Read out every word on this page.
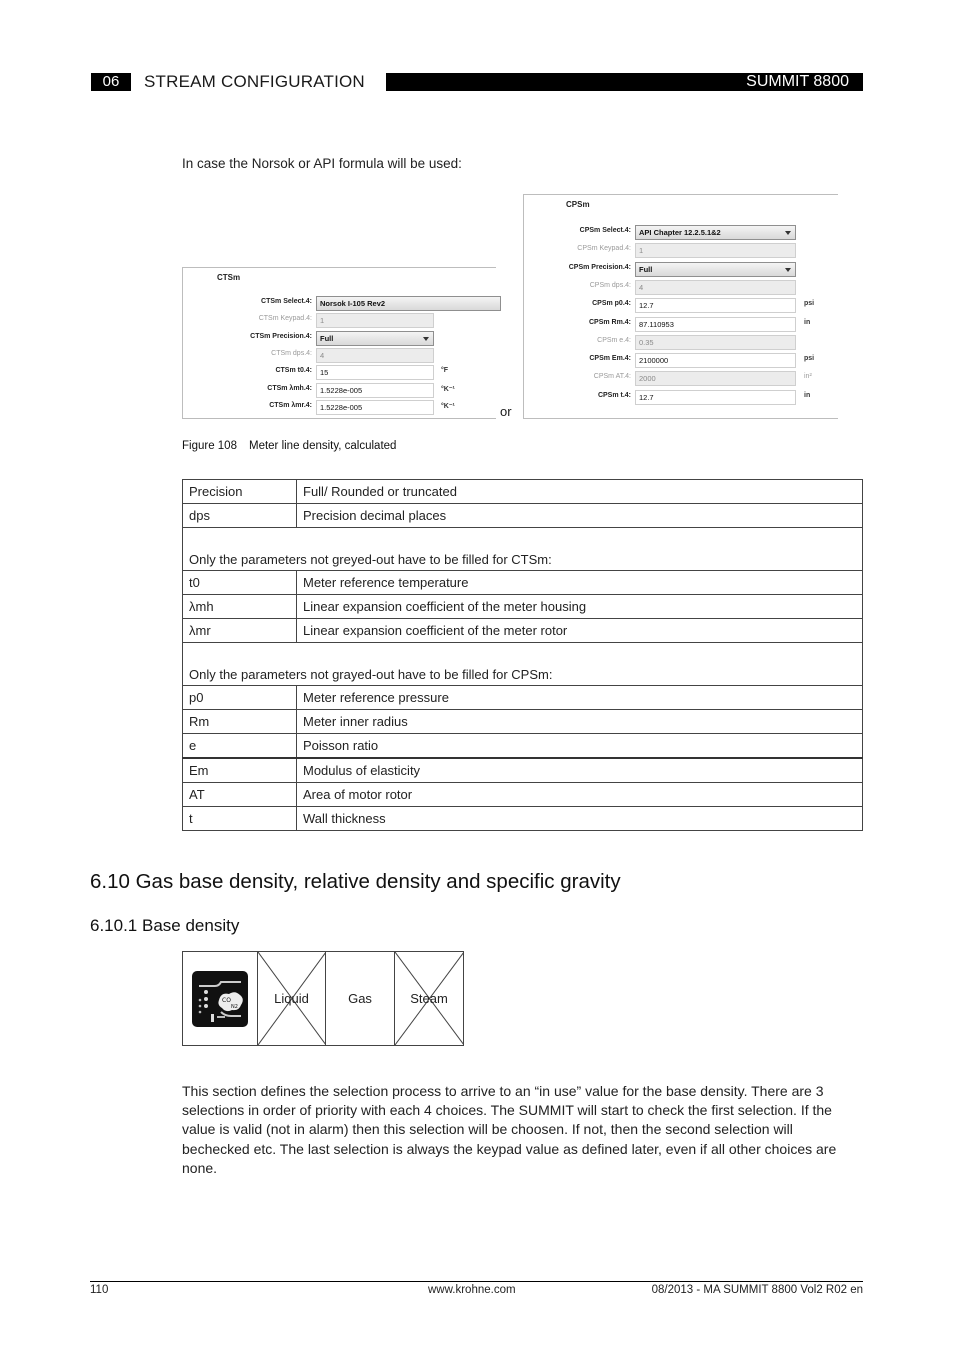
06	STREAM CONFIGURATION	SUMMIT 8800
In case the Norsok or API formula will be used:
CTSm
CTSm Select.4:	Norsok I-105 Rev2
CTSm Keypad.4:	1
CTSm Precision.4:	Full
CTSm dps.4:	4
CTSm t0.4:	15	°F
CTSm λmh.4:	1.5228e-005	°K⁻¹
CTSm λmr.4:	1.5228e-005	°K⁻¹	or
CPSm
CPSm Select.4:	API Chapter 12.2.5.1&2
CPSm Keypad.4:	1
CPSm Precision.4:	Full
CPSm dps.4:	4
CPSm p0.4:	12.7	psi
CPSm Rm.4:	87.110953	in
CPSm e.4:	0.35
CPSm Em.4:	2100000	psi
CPSm AT.4:	2000	in²
CPSm t.4:	12.7	in
Figure 108 Meter line density, calculated
Precision	Full/ Rounded or truncated
dps	Precision decimal places
Only the parameters not greyed-out have to be filled for CTSm:	
t0	Meter reference temperature
λmh	Linear expansion coefficient of the meter housing
λmr	Linear expansion coefficient of the meter rotor
Only the parameters not grayed-out have to be filled for CPSm:	
p0	Meter reference pressure
Rm	Meter inner radius
e	Poisson ratio
Em	Modulus of elasticity
AT	Area of motor rotor
t	Wall thickness
6.10 Gas base density, relative density and specific gravity
6.10.1 Base density
CO
N2
Liquid	Gas	Steam
This section defines the selection process to arrive to an “in use” value for the base density. There are 3 selections in order of priority with each 4 choices. The SUMMIT will start to check the first selection. If the value is valid (not in alarm) then this selection will be choosen. If not, then the second selection will bechecked etc. The last selection is always the keypad value as defined later, even if all other choices are none.
110	www.krohne.com	08/2013 - MA SUMMIT 8800 Vol2 R02 en
